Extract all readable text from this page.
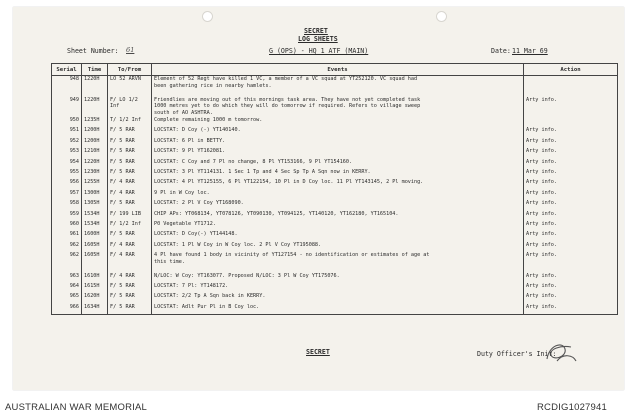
SECRET
LOG SHEETS
Sheet Number: 61	G (OPS) - HQ 1 ATF (MAIN)	Date: 11 Mar 69
Serial	Time	To/From	Events	Action
948	1220H	LO 52 ARVN	Element of 52 Regt have killed 1 VC, a member of a VC squad at YT252120. VC squad had
been gathering rice in nearby hamlets.	
949	1220H	F/ LO 1/2 Inf	Friendlies are moving out of this mornings task area. They have not yet completed task
1000 metres yet to do which they will do tomorrow if required. Refers to village sweep
south of AO ASHTRA.	Arty info.
950	1235H	T/ 1/2 Inf	Complete remaining 1000 m tomorrow.	
951	1200H	F/ 5 RAR	LOCSTAT: D Coy (-) YT140140.	Arty info.
952	1200H	F/ 5 RAR	LOCSTAT: 6 Pl in BETTY.	Arty info.
953	1210H	F/ 5 RAR	LOCSTAT: 9 Pl YT162081.	Arty info.
954	1220H	F/ 5 RAR	LOCSTAT: C Coy and 7 Pl no change, 8 Pl YT153166, 9 Pl YT154160.	Arty info.
955	1230H	F/ 5 RAR	LOCSTAT: 3 Pl YT114131. 1 Sec 1 Tp and 4 Sec Sp Tp A Sqn now in KERRY.	Arty info.
956	1255H	F/ 4 RAR	LOCSTAT: 4 Pl YT125155, 6 Pl YT122154, 10 Pl in D Coy loc. 11 Pl YT143145, 2 Pl moving.	Arty info.
957	1300H	F/ 4 RAR	9 Pl in W Coy loc.	Arty info.
958	1305H	F/ 5 RAR	LOCSTAT: 2 Pl V Coy YT168090.	Arty info.
959	1534H	F/ 199 LIB	CHIP APs: YT068134, YT078126, YT090130, YT094125, YT140120, YT162180, YT165104.	Arty info.
960	1534H	F/ 1/2 Inf	P0 Vegetable YT1712.	Arty info.
961	1600H	F/ 5 RAR	LOCSTAT: D Coy(-) YT144148.	Arty info.
962	1605H	F/ 4 RAR	LOCSTAT: 1 Pl W Coy in W Coy loc. 2 Pl V Coy YT195088.	Arty info.
962	1605H	F/ 4 RAR	4 Pl have found 1 body in vicinity of YT127154 - no identification or estimates of age at
this time.	Arty info.
963	1610H	F/ 4 RAR	N/LOC: W Coy: YT163077. Proposed N/LOC: 3 Pl W Coy YT175076.	Arty info.
964	1615H	F/ 5 RAR	LOCSTAT: 7 Pl: YT148172.	Arty info.
965	1620H	F/ 5 RAR	LOCSTAT: 2/2 Tp A Sqn back in KERRY.	Arty info.
966	1634H	F/ 5 RAR	LOCSTAT: Adlt Pur Pl in B Coy loc.	Arty info.
SECRET	Duty Officer's Init:
AUSTRALIAN WAR MEMORIAL	RCDIG1027941
